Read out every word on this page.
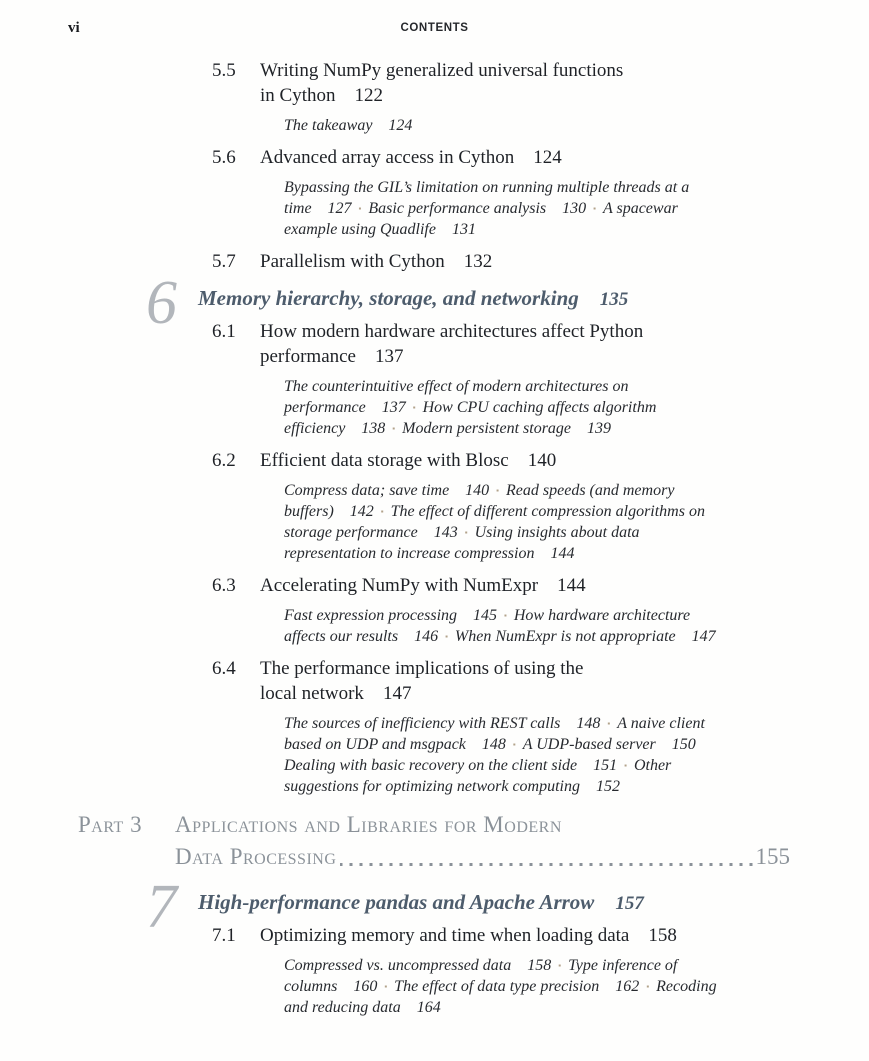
vi	CONTENTS
5.5	Writing NumPy generalized universal functions
in Cython 122
The takeaway  124
5.6	Advanced array access in Cython 124
Bypassing the GIL’s limitation on running multiple threads at a
time  127 ▪ Basic performance analysis  130 ▪ A spacewar
example using Quadlife  131
5.7	Parallelism with Cython 132
6 Memory hierarchy, storage, and networking 135
6.1	How modern hardware architectures affect Python
performance 137
The counterintuitive effect of modern architectures on
performance  137 ▪ How CPU caching affects algorithm
efficiency  138 ▪ Modern persistent storage  139
6.2	Efficient data storage with Blosc 140
Compress data; save time  140 ▪ Read speeds (and memory
buffers)  142 ▪ The effect of different compression algorithms on
storage performance  143 ▪ Using insights about data
representation to increase compression  144
6.3	Accelerating NumPy with NumExpr 144
Fast expression processing  145 ▪ How hardware architecture
affects our results  146 ▪ When NumExpr is not appropriate  147
6.4	The performance implications of using the
local network 147
The sources of inefficiency with REST calls  148 ▪ A naive client
based on UDP and msgpack  148 ▪ A UDP-based server  150
Dealing with basic recovery on the client side  151 ▪ Other
suggestions for optimizing network computing  152
Part 3	Applications and Libraries for Modern
Data Processing	155
7 High-performance pandas and Apache Arrow 157
7.1	Optimizing memory and time when loading data 158
Compressed vs. uncompressed data  158 ▪ Type inference of
columns  160 ▪ The effect of data type precision  162 ▪ Recoding
and reducing data  164
